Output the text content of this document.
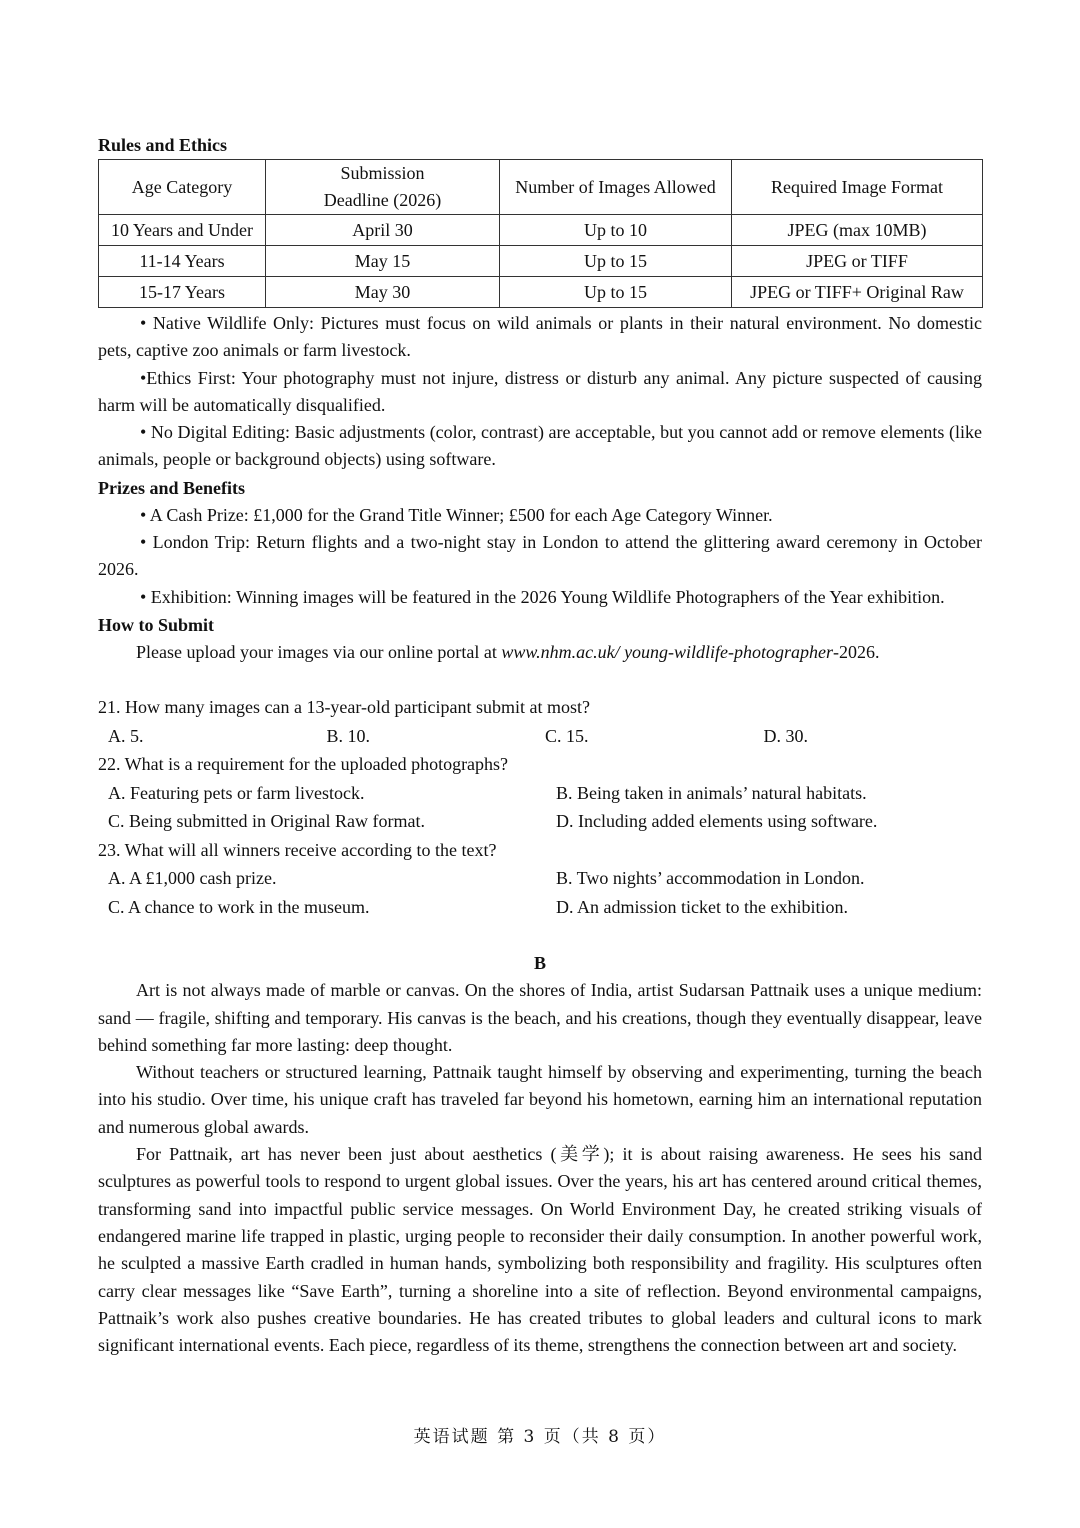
Rules and Ethics
Age Category	Submission Deadline (2026)	Number of Images Allowed	Required Image Format
10 Years and Under	April 30	Up to 10	JPEG (max 10MB)
11-14 Years	May 15	Up to 15	JPEG or TIFF
15-17 Years	May 30	Up to 15	JPEG or TIFF+ Original Raw

• Native Wildlife Only: Pictures must focus on wild animals or plants in their natural environment. No domestic pets, captive zoo animals or farm livestock.

•Ethics First: Your photography must not injure, distress or disturb any animal. Any picture suspected of causing harm will be automatically disqualified.

• No Digital Editing: Basic adjustments (color, contrast) are acceptable, but you cannot add or remove elements (like animals, people or background objects) using software.

Prizes and Benefits

• A Cash Prize: £1,000 for the Grand Title Winner; £500 for each Age Category Winner.

• London Trip: Return flights and a two-night stay in London to attend the glittering award ceremony in October 2026.

• Exhibition: Winning images will be featured in the 2026 Young Wildlife Photographers of the Year exhibition.

How to Submit

Please upload your images via our online portal at www.nhm.ac.uk/ young-wildlife-photographer-2026.

21. How many images can a 13-year-old participant submit at most?
A. 5.	B. 10.	C. 15.	D. 30.
22. What is a requirement for the uploaded photographs?
A. Featuring pets or farm livestock.	B. Being taken in animals’ natural habitats.
C. Being submitted in Original Raw format.	D. Including added elements using software.
23. What will all winners receive according to the text?
A. A £1,000 cash prize.	B. Two nights’ accommodation in London.
C. A chance to work in the museum.	D. An admission ticket to the exhibition.
B

Art is not always made of marble or canvas. On the shores of India, artist Sudarsan Pattnaik uses a unique medium: sand — fragile, shifting and temporary. His canvas is the beach, and his creations, though they eventually disappear, leave behind something far more lasting: deep thought.

Without teachers or structured learning, Pattnaik taught himself by observing and experimenting, turning the beach into his studio. Over time, his unique craft has traveled far beyond his hometown, earning him an international reputation and numerous global awards.

For Pattnaik, art has never been just about aesthetics (美学); it is about raising awareness. He sees his sand sculptures as powerful tools to respond to urgent global issues. Over the years, his art has centered around critical themes, transforming sand into impactful public service messages. On World Environment Day, he created striking visuals of endangered marine life trapped in plastic, urging people to reconsider their daily consumption. In another powerful work, he sculpted a massive Earth cradled in human hands, symbolizing both responsibility and fragility. His sculptures often carry clear messages like “Save Earth”, turning a shoreline into a site of reflection. Beyond environmental campaigns, Pattnaik’s work also pushes creative boundaries. He has created tributes to global leaders and cultural icons to mark significant international events. Each piece, regardless of its theme, strengthens the connection between art and society.

英语试题 第 3 页（共 8 页）
